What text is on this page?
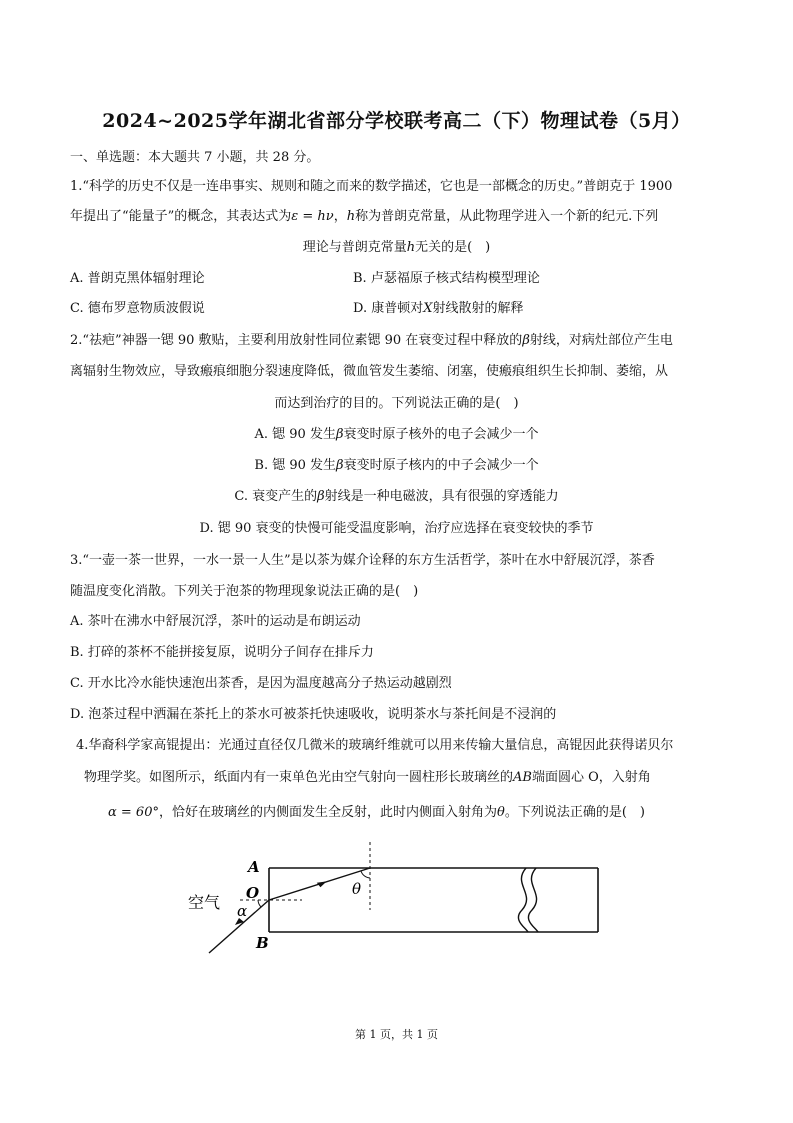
2024~2025学年湖北省部分学校联考高二（下）物理试卷（5月）
一、单选题：本大题共 7 小题，共 28 分。
1.“科学的历史不仅是一连串事实、规则和随之而来的数学描述，它也是一部概念的历史。”普朗克于 1900
年提出了“能量子”的概念，其表达式为ε = hν，h称为普朗克常量，从此物理学进入一个新的纪元.下列
理论与普朗克常量h无关的是(　)
A. 普朗克黑体辐射理论	B. 卢瑟福原子核式结构模型理论
C. 德布罗意物质波假说	D. 康普顿对X射线散射的解释
2.“祛疤”神器一锶 90 敷贴，主要利用放射性同位素锶 90 在衰变过程中释放的β射线，对病灶部位产生电
离辐射生物效应，导致瘢痕细胞分裂速度降低，微血管发生萎缩、闭塞，使瘢痕组织生长抑制、萎缩，从
而达到治疗的目的。下列说法正确的是(　)
A. 锶 90 发生β衰变时原子核外的电子会减少一个
B. 锶 90 发生β衰变时原子核内的中子会减少一个
C. 衰变产生的β射线是一种电磁波，具有很强的穿透能力
D. 锶 90 衰变的快慢可能受温度影响，治疗应选择在衰变较快的季节
3.“一壶一茶一世界，一水一景一人生”是以茶为媒介诠释的东方生活哲学，茶叶在水中舒展沉浮，茶香
随温度变化消散。下列关于泡茶的物理现象说法正确的是(　)
A. 茶叶在沸水中舒展沉浮，茶叶的运动是布朗运动
B. 打碎的茶杯不能拼接复原，说明分子间存在排斥力
C. 开水比冷水能快速泡出茶香，是因为温度越高分子热运动越剧烈
D. 泡茶过程中洒漏在茶托上的茶水可被茶托快速吸收，说明茶水与茶托间是不浸润的
4.华裔科学家高锟提出：光通过直径仅几微米的玻璃纤维就可以用来传输大量信息，高锟因此获得诺贝尔
物理学奖。如图所示，纸面内有一束单色光由空气射向一圆柱形长玻璃丝的AB端面圆心 O，入射角
α = 60°，恰好在玻璃丝的内侧面发生全反射，此时内侧面入射角为θ。下列说法正确的是(　)
A
O
B
α
θ
空气
第 1 页，共 1 页
